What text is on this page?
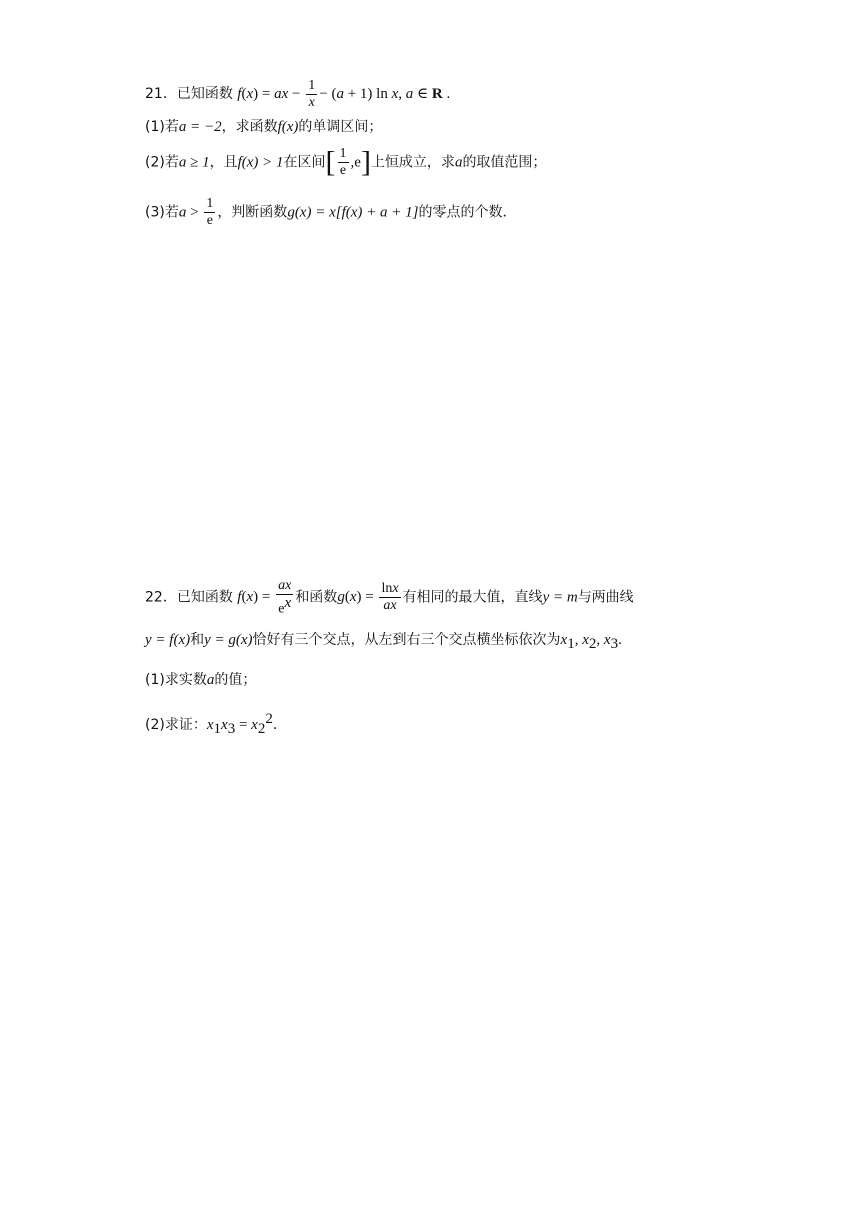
21．已知函数 f(x) = ax − $\frac{1}{x} - (a + 1)$ ln x, a ∈ R .
(1)若a = −2，求函数f(x)的单调区间；
(2)若a ≥ 1，且f(x) > 1在区间[ $\frac{1}{e} ,e$]上恒成立，求a的取值范围；
(3)若$a > \frac{1}{e}$ ，判断函数g(x) = x[f(x) + a + 1]的零点的个数．
22．已知函数 $f(x) = \frac{ax}{e^x}$ 和函数$g(x) = \frac{\ln x}{ax}$ 有相同的最大值，直线y = m与两曲线
y = f(x)和y = g(x)恰好有三个交点，从左到右三个交点横坐标依次为$x_1$, $x_2$, $x_3$.
(1)求实数a的值；
(2)求证：$x_1x_3 = x_2^2$．
